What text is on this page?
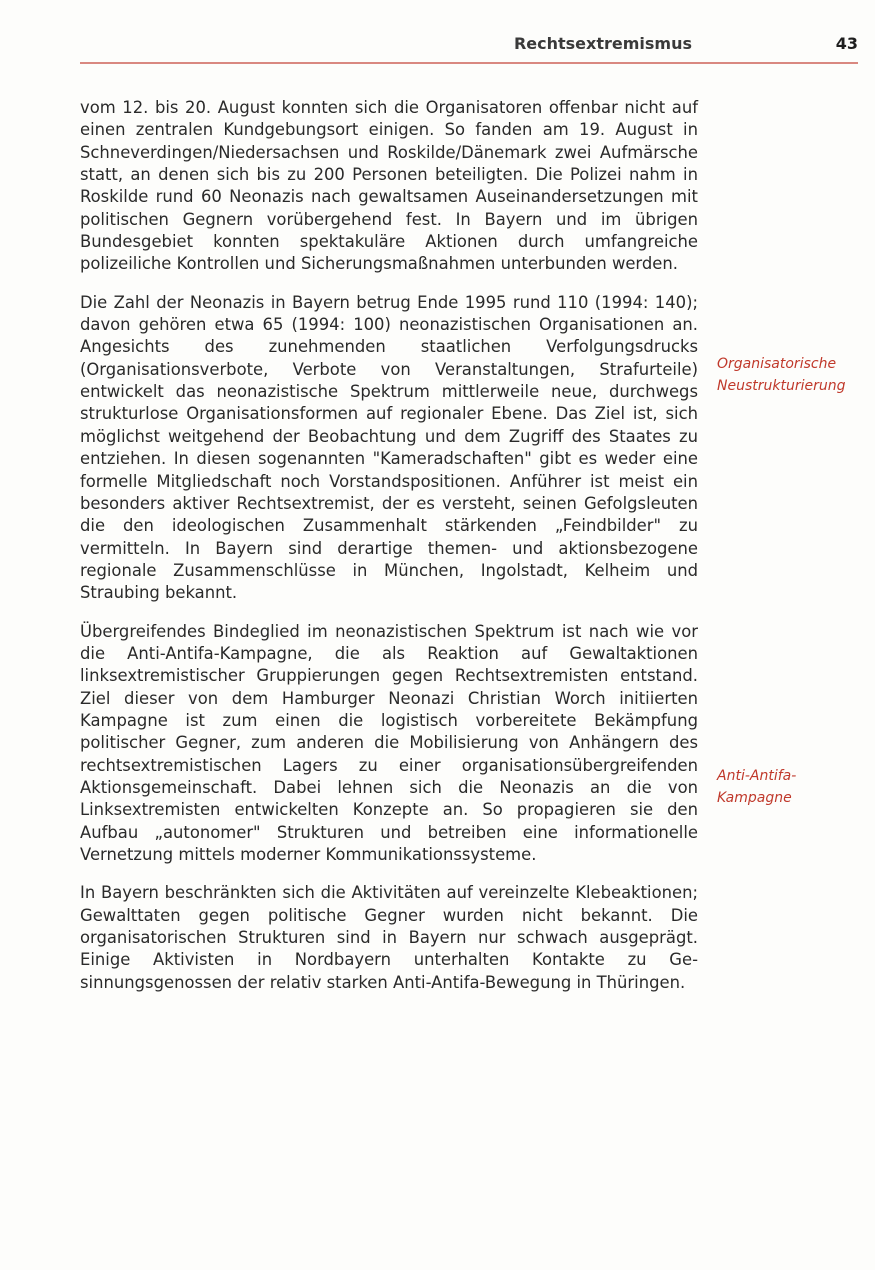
Rechtsextremismus	43

vom 12. bis 20. August konnten sich die Organisatoren offenbar nicht auf einen zentralen Kundgebungsort einigen. So fanden am 19. August in Schneverdingen/Niedersachsen und Roskilde/Dänemark zwei Aufmärsche statt, an denen sich bis zu 200 Personen beteiligten. Die Polizei nahm in Roskilde rund 60 Neonazis nach gewaltsamen Auseinandersetzungen mit politischen Gegnern vorübergehend fest. In Bayern und im übrigen Bundesgebiet konnten spektakuläre Aktionen durch umfangreiche polizeiliche Kontrollen und Sicherungsmaßnahmen unterbunden werden.

Die Zahl der Neonazis in Bayern betrug Ende 1995 rund 110 (1994: 140); davon gehören etwa 65 (1994: 100) neonazistischen Organisationen an. Angesichts des zunehmenden staatlichen Verfolgungsdrucks (Organisationsverbote, Verbote von Veranstaltungen, Strafurteile) entwickelt das neonazistische Spektrum mittlerweile neue, durchwegs strukturlose Organisationsformen auf regionaler Ebene. Das Ziel ist, sich möglichst weitgehend der Beobachtung und dem Zugriff des Staates zu entziehen. In diesen sogenannten "Kameradschaften" gibt es weder eine formelle Mitgliedschaft noch Vorstandspositionen. Anführer ist meist ein besonders aktiver Rechtsextremist, der es versteht, seinen Gefolgsleuten die den ideologischen Zusammenhalt stärkenden „Feindbilder" zu vermitteln. In Bayern sind derartige themen- und aktionsbezogene regionale Zusammenschlüsse in München, Ingolstadt, Kelheim und Straubing bekannt.

Übergreifendes Bindeglied im neonazistischen Spektrum ist nach wie vor die Anti-Antifa-Kampagne, die als Reaktion auf Gewaltaktionen linksextremistischer Gruppierungen gegen Rechtsextremisten entstand. Ziel dieser von dem Hamburger Neonazi Christian Worch initiierten Kampagne ist zum einen die logistisch vorbereitete Bekämpfung politischer Gegner, zum anderen die Mobilisierung von Anhängern des rechtsextremistischen Lagers zu einer organisationsübergreifenden Aktionsgemeinschaft. Dabei lehnen sich die Neonazis an die von Linksextremisten entwickelten Konzepte an. So propagieren sie den Aufbau „autonomer" Strukturen und betreiben eine informationelle Vernetzung mittels moderner Kommunikationssysteme.

In Bayern beschränkten sich die Aktivitäten auf vereinzelte Klebeaktionen; Gewalttaten gegen politische Gegner wurden nicht bekannt. Die organisatorischen Strukturen sind in Bayern nur schwach ausgeprägt. Einige Aktivisten in Nordbayern unterhalten Kontakte zu Gesinnungsgenossen der relativ starken Anti-Antifa-Bewegung in Thüringen.

Organisatorische
Neustrukturierung
Anti-Antifa-
Kampagne
